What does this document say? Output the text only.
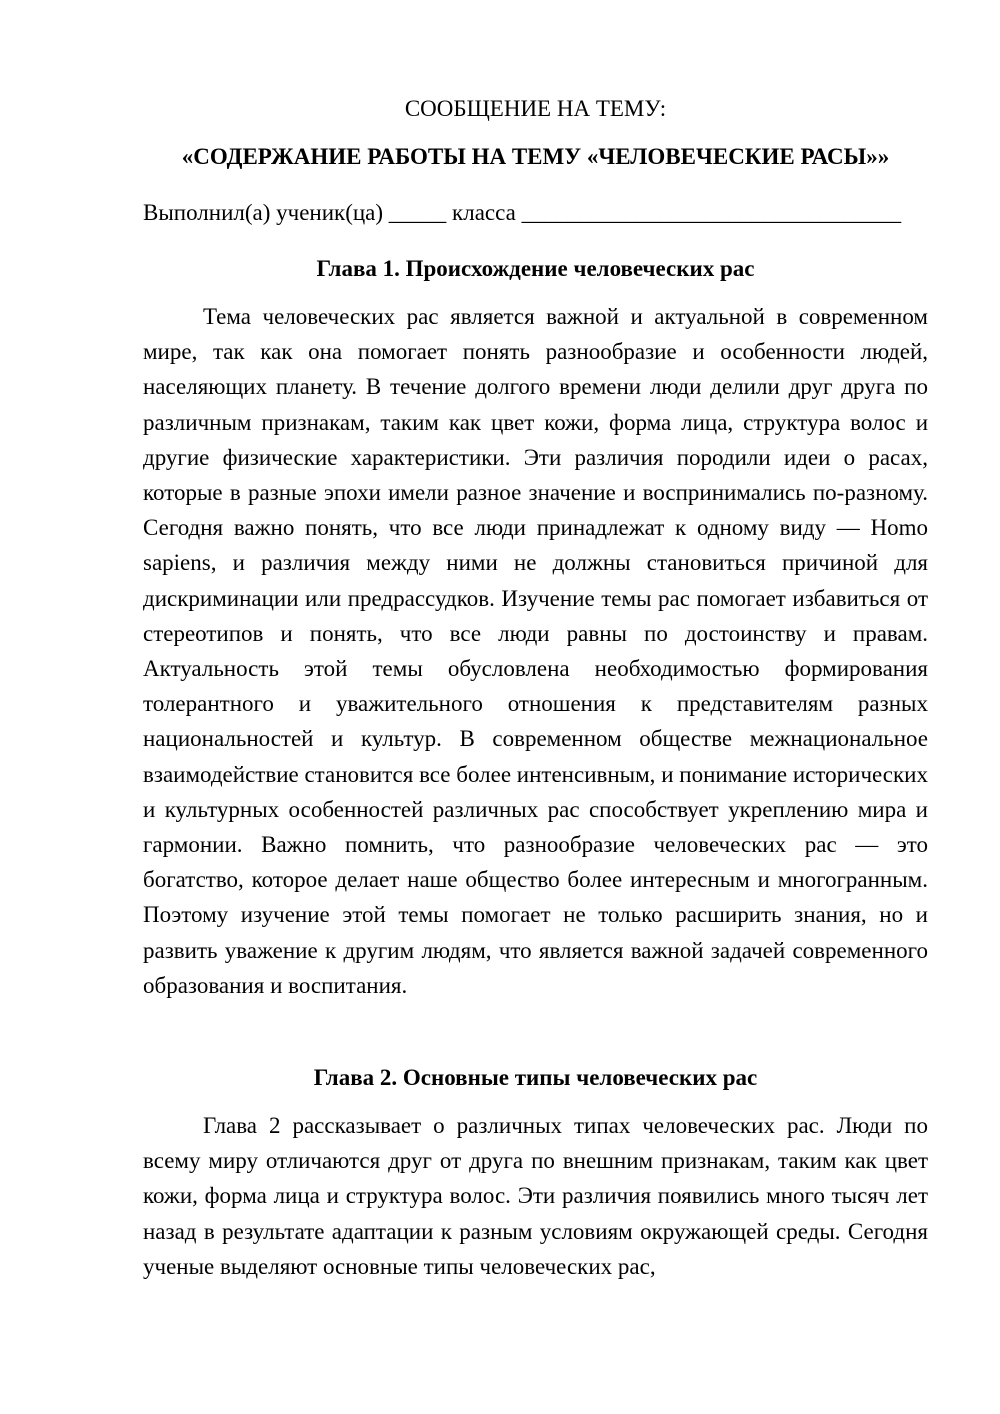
СООБЩЕНИЕ НА ТЕМУ:
«СОДЕРЖАНИЕ РАБОТЫ НА ТЕМУ «ЧЕЛОВЕЧЕСКИЕ РАСЫ»»
Выполнил(а) ученик(ца) _____ класса _________________________________
Глава 1. Происхождение человеческих рас

Тема человеческих рас является важной и актуальной в современном мире, так как она помогает понять разнообразие и особенности людей, населяющих планету. В течение долгого времени люди делили друг друга по различным признакам, таким как цвет кожи, форма лица, структура волос и другие физические характеристики. Эти различия породили идеи о расах, которые в разные эпохи имели разное значение и воспринимались по-разному. Сегодня важно понять, что все люди принадлежат к одному виду — Homo sapiens, и различия между ними не должны становиться причиной для дискриминации или предрассудков. Изучение темы рас помогает избавиться от стереотипов и понять, что все люди равны по достоинству и правам. Актуальность этой темы обусловлена необходимостью формирования толерантного и уважительного отношения к представителям разных национальностей и культур. В современном обществе межнациональное взаимодействие становится все более интенсивным, и понимание исторических и культурных особенностей различных рас способствует укреплению мира и гармонии. Важно помнить, что разнообразие человеческих рас — это богатство, которое делает наше общество более интересным и многогранным. Поэтому изучение этой темы помогает не только расширить знания, но и развить уважение к другим людям, что является важной задачей современного образования и воспитания.

Глава 2. Основные типы человеческих рас

Глава 2 рассказывает о различных типах человеческих рас. Люди по всему миру отличаются друг от друга по внешним признакам, таким как цвет кожи, форма лица и структура волос. Эти различия появились много тысяч лет назад в результате адаптации к разным условиям окружающей среды. Сегодня ученые выделяют основные типы человеческих рас,
